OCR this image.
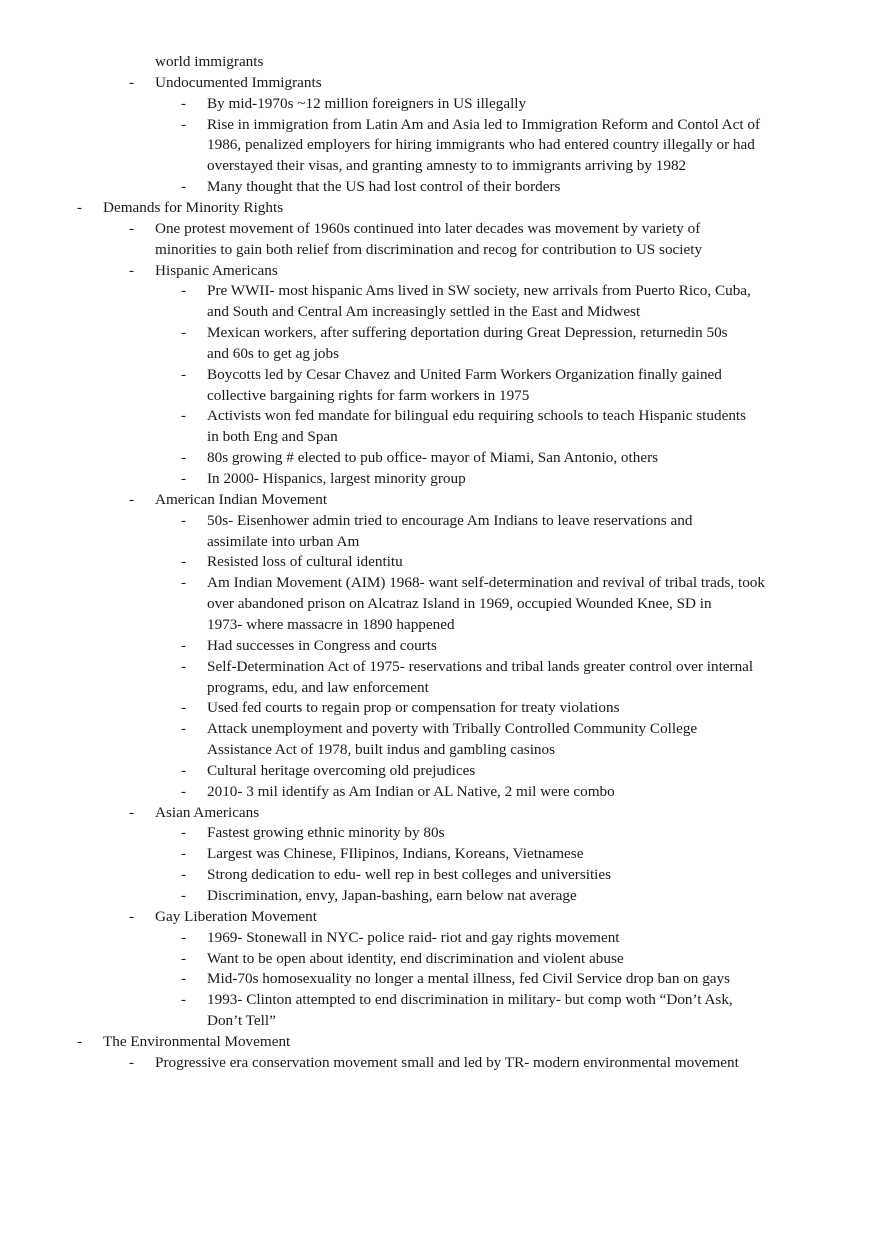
world immigrants
- Undocumented Immigrants
- By mid-1970s ~12 million foreigners in US illegally
- Rise in immigration from Latin Am and Asia led to Immigration Reform and Contol Act of
1986, penalized employers for hiring immigrants who had entered country illegally or had
overstayed their visas, and granting amnesty to to immigrants arriving by 1982
- Many thought that the US had lost control of their borders
- Demands for Minority Rights
- One protest movement of 1960s continued into later decades was movement by variety of
minorities to gain both relief from discrimination and recog for contribution to US society
- Hispanic Americans
- Pre WWII- most hispanic Ams lived in SW society, new arrivals from Puerto Rico, Cuba,
and South and Central Am increasingly settled in the East and Midwest
- Mexican workers, after suffering deportation during Great Depression, returnedin 50s
and 60s to get ag jobs
- Boycotts led by Cesar Chavez and United Farm Workers Organization finally gained
collective bargaining rights for farm workers in 1975
- Activists won fed mandate for bilingual edu requiring schools to teach Hispanic students
in both Eng and Span
- 80s growing # elected to pub office- mayor of Miami, San Antonio, others
- In 2000- Hispanics, largest minority group
- American Indian Movement
- 50s- Eisenhower admin tried to encourage Am Indians to leave reservations and
assimilate into urban Am
- Resisted loss of cultural identitu
- Am Indian Movement (AIM) 1968- want self-determination and revival of tribal trads, took
over abandoned prison on Alcatraz Island in 1969, occupied Wounded Knee, SD in
1973- where massacre in 1890 happened
- Had successes in Congress and courts
- Self-Determination Act of 1975- reservations and tribal lands greater control over internal
programs, edu, and law enforcement
- Used fed courts to regain prop or compensation for treaty violations
- Attack unemployment and poverty with Tribally Controlled Community College
Assistance Act of 1978, built indus and gambling casinos
- Cultural heritage overcoming old prejudices
- 2010- 3 mil identify as Am Indian or AL Native, 2 mil were combo
- Asian Americans
- Fastest growing ethnic minority by 80s
- Largest was Chinese, FIlipinos, Indians, Koreans, Vietnamese
- Strong dedication to edu- well rep in best colleges and universities
- Discrimination, envy, Japan-bashing, earn below nat average
- Gay Liberation Movement
- 1969- Stonewall in NYC- police raid- riot and gay rights movement
- Want to be open about identity, end discrimination and violent abuse
- Mid-70s homosexuality no longer a mental illness, fed Civil Service drop ban on gays
- 1993- Clinton attempted to end discrimination in military- but comp woth “Don’t Ask,
Don’t Tell”
- The Environmental Movement
- Progressive era conservation movement small and led by TR- modern environmental movement
